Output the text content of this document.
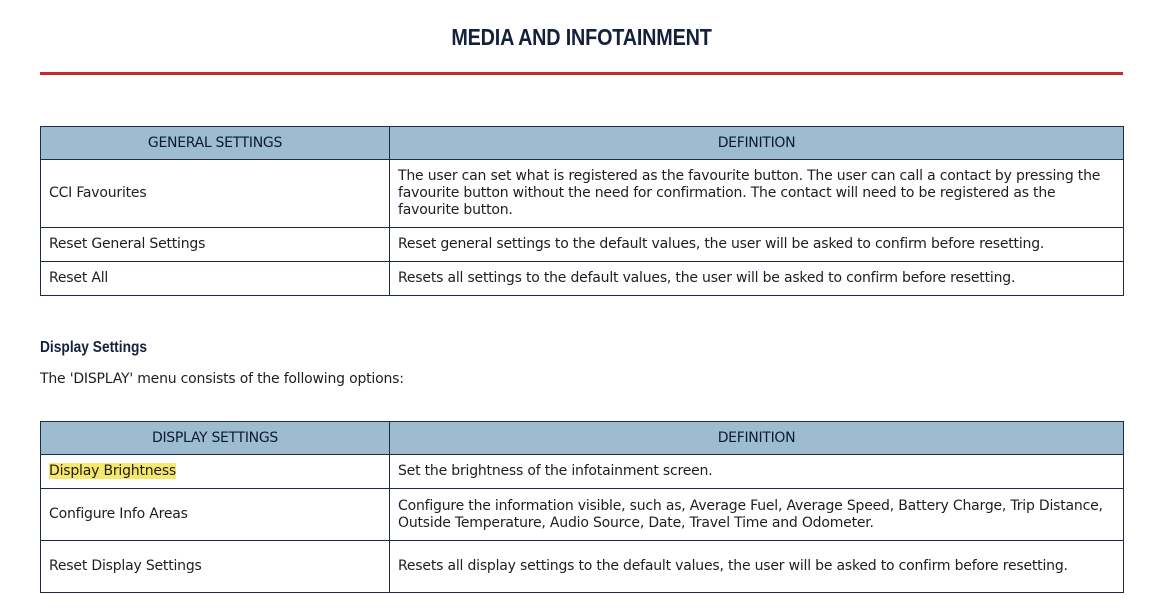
MEDIA AND INFOTAINMENT
GENERAL SETTINGS	DEFINITION
CCI Favourites	The user can set what is registered as the favourite button. The user can call a contact by pressing the favourite button without the need for confirmation. The contact will need to be registered as the favourite button.
Reset General Settings	Reset general settings to the default values, the user will be asked to confirm before resetting.
Reset All	Resets all settings to the default values, the user will be asked to confirm before resetting.
Display Settings

The 'DISPLAY' menu consists of the following options:

DISPLAY SETTINGS	DEFINITION
Display Brightness	Set the brightness of the infotainment screen.
Configure Info Areas	Configure the information visible, such as, Average Fuel, Average Speed, Battery Charge, Trip Distance, Outside Temperature, Audio Source, Date, Travel Time and Odometer.
Reset Display Settings	Resets all display settings to the default values, the user will be asked to confirm before resetting.
